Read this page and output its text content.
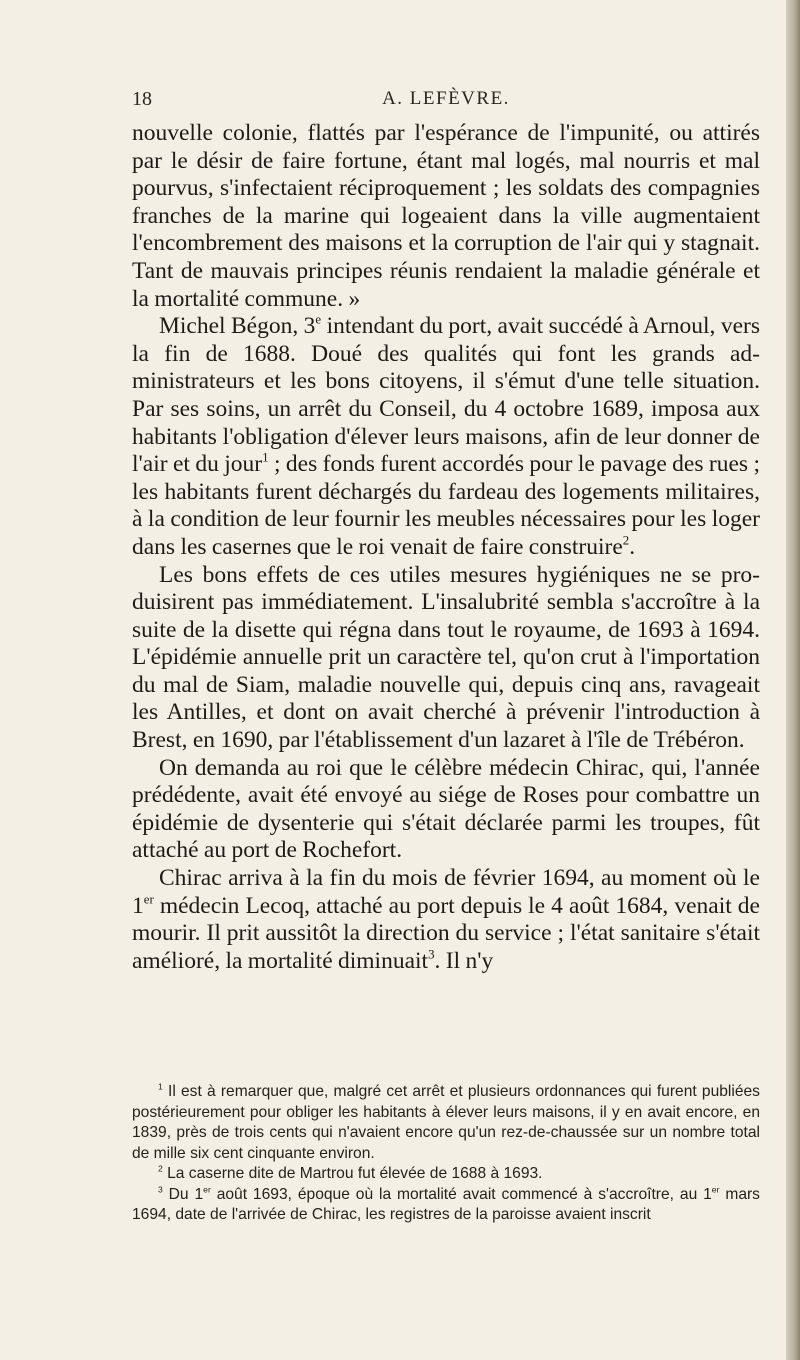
18	A. LEFÈVRE.

nouvelle colonie, flattés par l'espérance de l'impunité, ou attirés par le désir de faire fortune, étant mal logés, mal nourris et mal pourvus, s'infectaient réciproquement ; les soldats des compagnies franches de la marine qui logeaient dans la ville augmentaient l'encombrement des maisons et la corruption de l'air qui y stagnait. Tant de mauvais principes réunis rendaient la maladie générale et la mortalité commune. »

Michel Bégon, 3e intendant du port, avait succédé à Arnoul, vers la fin de 1688. Doué des qualités qui font les grands administrateurs et les bons citoyens, il s'émut d'une telle situation. Par ses soins, un arrêt du Conseil, du 4 octobre 1689, imposa aux habitants l'obligation d'élever leurs maisons, afin de leur donner de l'air et du jour$^1$ ; des fonds furent accordés pour le pavage des rues ; les habitants furent déchargés du fardeau des logements militaires, à la condition de leur fournir les meubles nécessaires pour les loger dans les casernes que le roi venait de faire construire$^2$.

Les bons effets de ces utiles mesures hygiéniques ne se produisirent pas immédiatement. L'insalubrité sembla s'accroître à la suite de la disette qui régna dans tout le royaume, de 1693 à 1694. L'épidémie annuelle prit un caractère tel, qu'on crut à l'importation du mal de Siam, maladie nouvelle qui, depuis cinq ans, ravageait les Antilles, et dont on avait cherché à prévenir l'introduction à Brest, en 1690, par l'établissement d'un lazaret à l'île de Trébéron.

On demanda au roi que le célèbre médecin Chirac, qui, l'année prédédente, avait été envoyé au siége de Roses pour combattre un épidémie de dysenterie qui s'était déclarée parmi les troupes, fût attaché au port de Rochefort.

Chirac arriva à la fin du mois de février 1694, au moment où le 1er médecin Lecoq, attaché au port depuis le 4 août 1684, venait de mourir. Il prit aussitôt la direction du service ; l'état sanitaire s'était amélioré, la mortalité diminuait$^3$. Il n'y

$^1$ Il est à remarquer que, malgré cet arrêt et plusieurs ordonnances qui furent publiées postérieurement pour obliger les habitants à élever leurs maisons, il y en avait encore, en 1839, près de trois cents qui n'avaient encore qu'un rez-de-chaussée sur un nombre total de mille six cent cinquante environ.

$^2$ La caserne dite de Martrou fut élevée de 1688 à 1693.

$^3$ Du 1er août 1693, époque où la mortalité avait commencé à s'accroître, au 1er mars 1694, date de l'arrivée de Chirac, les registres de la paroisse avaient inscrit
